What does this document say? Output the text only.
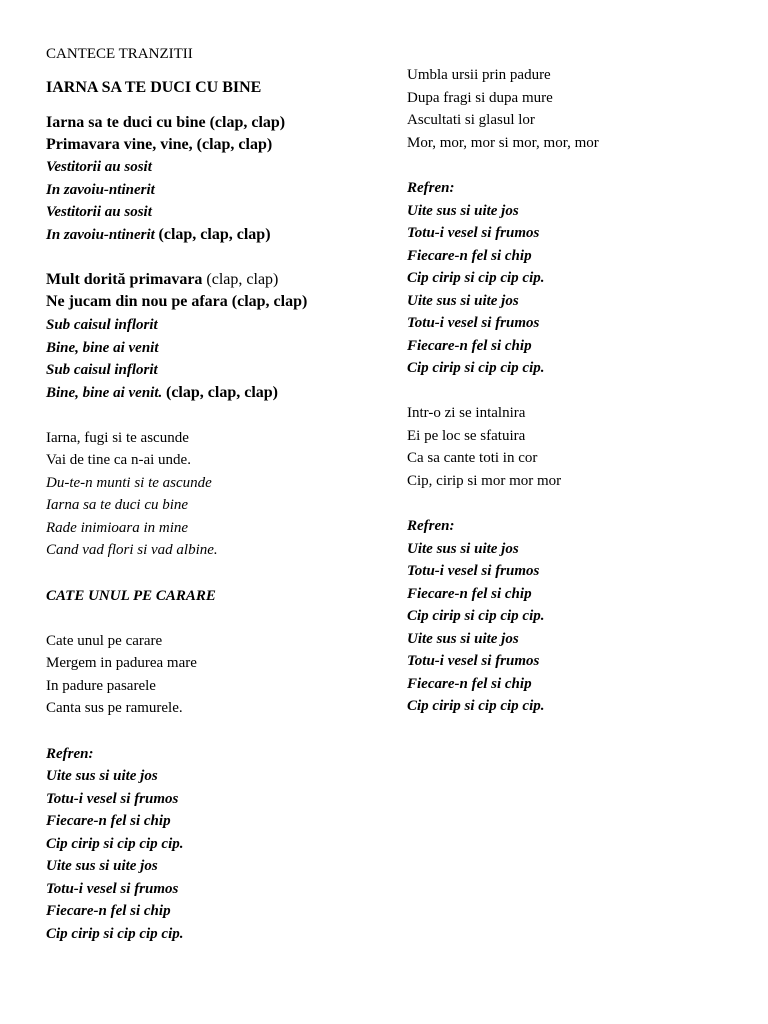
CANTECE TRANZITII
IARNA SA TE DUCI CU BINE
Iarna sa te duci cu bine (clap, clap)
Primavara vine, vine, (clap, clap)
Vestitorii au sosit
In zavoiu-ntinerit
Vestitorii au sosit
In zavoiu-ntinerit (clap, clap, clap)
Mult dorită primavara (clap, clap)
Ne jucam din nou pe afara (clap, clap)
Sub caisul inflorit
Bine, bine ai venit
Sub caisul inflorit
Bine, bine ai venit. (clap, clap, clap)
Iarna, fugi si te ascunde
Vai de tine ca n-ai unde.
Du-te-n munti si te ascunde
Iarna sa te duci cu bine
Rade inimioara in mine
Cand vad flori si vad albine.
CATE UNUL PE CARARE
Cate unul pe carare
Mergem in padurea mare
In padure pasarele
Canta sus pe ramurele.
Refren:
Uite sus si uite jos
Totu-i vesel si frumos
Fiecare-n fel si chip
Cip cirip si cip cip cip.
Uite sus si uite jos
Totu-i vesel si frumos
Fiecare-n fel si chip
Cip cirip si cip cip cip.
Umbla ursii prin padure
Dupa fragi si dupa mure
Ascultati si glasul lor
Mor, mor, mor si mor, mor, mor
Refren:
Uite sus si uite jos
Totu-i vesel si frumos
Fiecare-n fel si chip
Cip cirip si cip cip cip.
Uite sus si uite jos
Totu-i vesel si frumos
Fiecare-n fel si chip
Cip cirip si cip cip cip.
Intr-o zi se intalnira
Ei pe loc se sfatuira
Ca sa cante toti in cor
Cip, cirip si mor mor mor
Refren:
Uite sus si uite jos
Totu-i vesel si frumos
Fiecare-n fel si chip
Cip cirip si cip cip cip.
Uite sus si uite jos
Totu-i vesel si frumos
Fiecare-n fel si chip
Cip cirip si cip cip cip.
